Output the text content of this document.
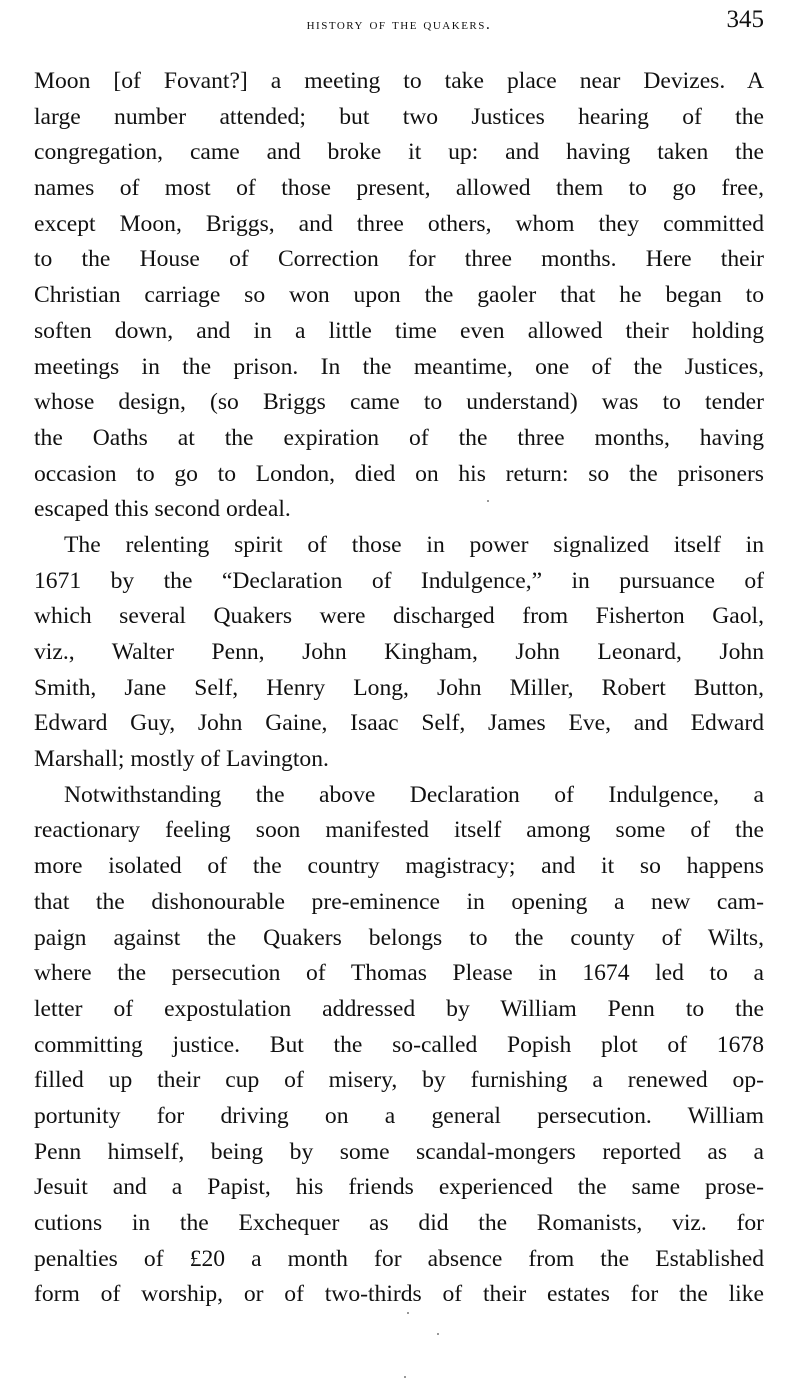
history of the quakers.	345
Moon [of Fovant?] a meeting to take place near Devizes. A
large number attended; but two Justices hearing of the
congregation, came and broke it up: and having taken the
names of most of those present, allowed them to go free,
except Moon, Briggs, and three others, whom they committed
to the House of Correction for three months. Here their
Christian carriage so won upon the gaoler that he began to
soften down, and in a little time even allowed their holding
meetings in the prison. In the meantime, one of the Justices,
whose design, (so Briggs came to understand) was to tender
the Oaths at the expiration of the three months, having
occasion to go to London, died on his return: so the prisoners
escaped this second ordeal.
The relenting spirit of those in power signalized itself in
1671 by the “Declaration of Indulgence,” in pursuance of
which several Quakers were discharged from Fisherton Gaol,
viz., Walter Penn, John Kingham, John Leonard, John
Smith, Jane Self, Henry Long, John Miller, Robert Button,
Edward Guy, John Gaine, Isaac Self, James Eve, and Edward
Marshall; mostly of Lavington.
Notwithstanding the above Declaration of Indulgence, a
reactionary feeling soon manifested itself among some of the
more isolated of the country magistracy; and it so happens
that the dishonourable pre-eminence in opening a new cam-
paign against the Quakers belongs to the county of Wilts,
where the persecution of Thomas Please in 1674 led to a
letter of expostulation addressed by William Penn to the
committing justice. But the so-called Popish plot of 1678
filled up their cup of misery, by furnishing a renewed op-
portunity for driving on a general persecution. William
Penn himself, being by some scandal-mongers reported as a
Jesuit and a Papist, his friends experienced the same prose-
cutions in the Exchequer as did the Romanists, viz. for
penalties of £20 a month for absence from the Established
form of worship, or of two-thirds of their estates for the like
